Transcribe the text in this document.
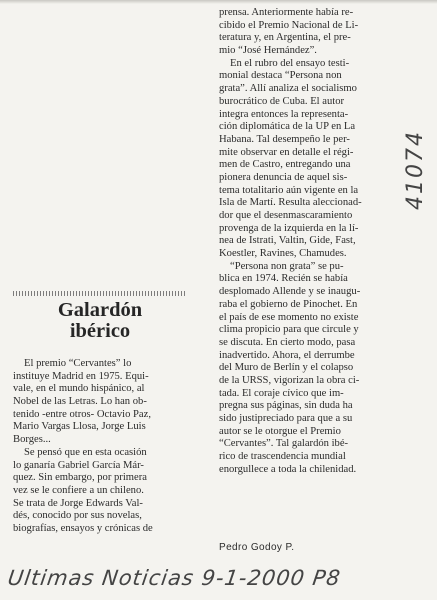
prensa. Anteriormente había re-
cibido el Premio Nacional de Li-
teratura y, en Argentina, el pre-
mio “José Hernández”.
En el rubro del ensayo testi-
monial destaca “Persona non
grata”. Allí analiza el socialismo
burocrático de Cuba. El autor
integra entonces la representa-
ción diplomática de la UP en La
Habana. Tal desempeño le per-
mite observar en detalle el régi-
men de Castro, entregando una
pionera denuncia de aquel sis-
tema totalitario aún vigente en la
Isla de Martí. Resulta aleccionad-
dor que el desenmascaramiento
provenga de la izquierda en la lí-
nea de Istrati, Valtin, Gide, Fast,
Koestler, Ravines, Chamudes.
“Persona non grata” se pu-
blica en 1974. Recién se había
desplomado Allende y se inaugu-
raba el gobierno de Pinochet. En
el país de ese momento no existe
clima propicio para que circule y
se discuta. En cierto modo, pasa
inadvertido. Ahora, el derrumbe
del Muro de Berlín y el colapso
de la URSS, vigorizan la obra ci-
tada. El coraje cívico que im-
pregna sus páginas, sin duda ha
sido justipreciado para que a su
autor se le otorgue el Premio
“Cervantes”. Tal galardón ibé-
rico de trascendencia mundial
enorgullece a toda la chilenidad.
Galardón
ibérico
El premio “Cervantes” lo
instituye Madrid en 1975. Equi-
vale, en el mundo hispánico, al
Nobel de las Letras. Lo han ob-
tenido -entre otros- Octavio Paz,
Mario Vargas Llosa, Jorge Luis
Borges...
Se pensó que en esta ocasión
lo ganaría Gabriel García Már-
quez. Sin embargo, por primera
vez se le confiere a un chileno.
Se trata de Jorge Edwards Val-
dés, conocido por sus novelas,
biografías, ensayos y crónicas de
Pedro Godoy P.
Ultimas Noticias 9-1-2000 P8
41074
